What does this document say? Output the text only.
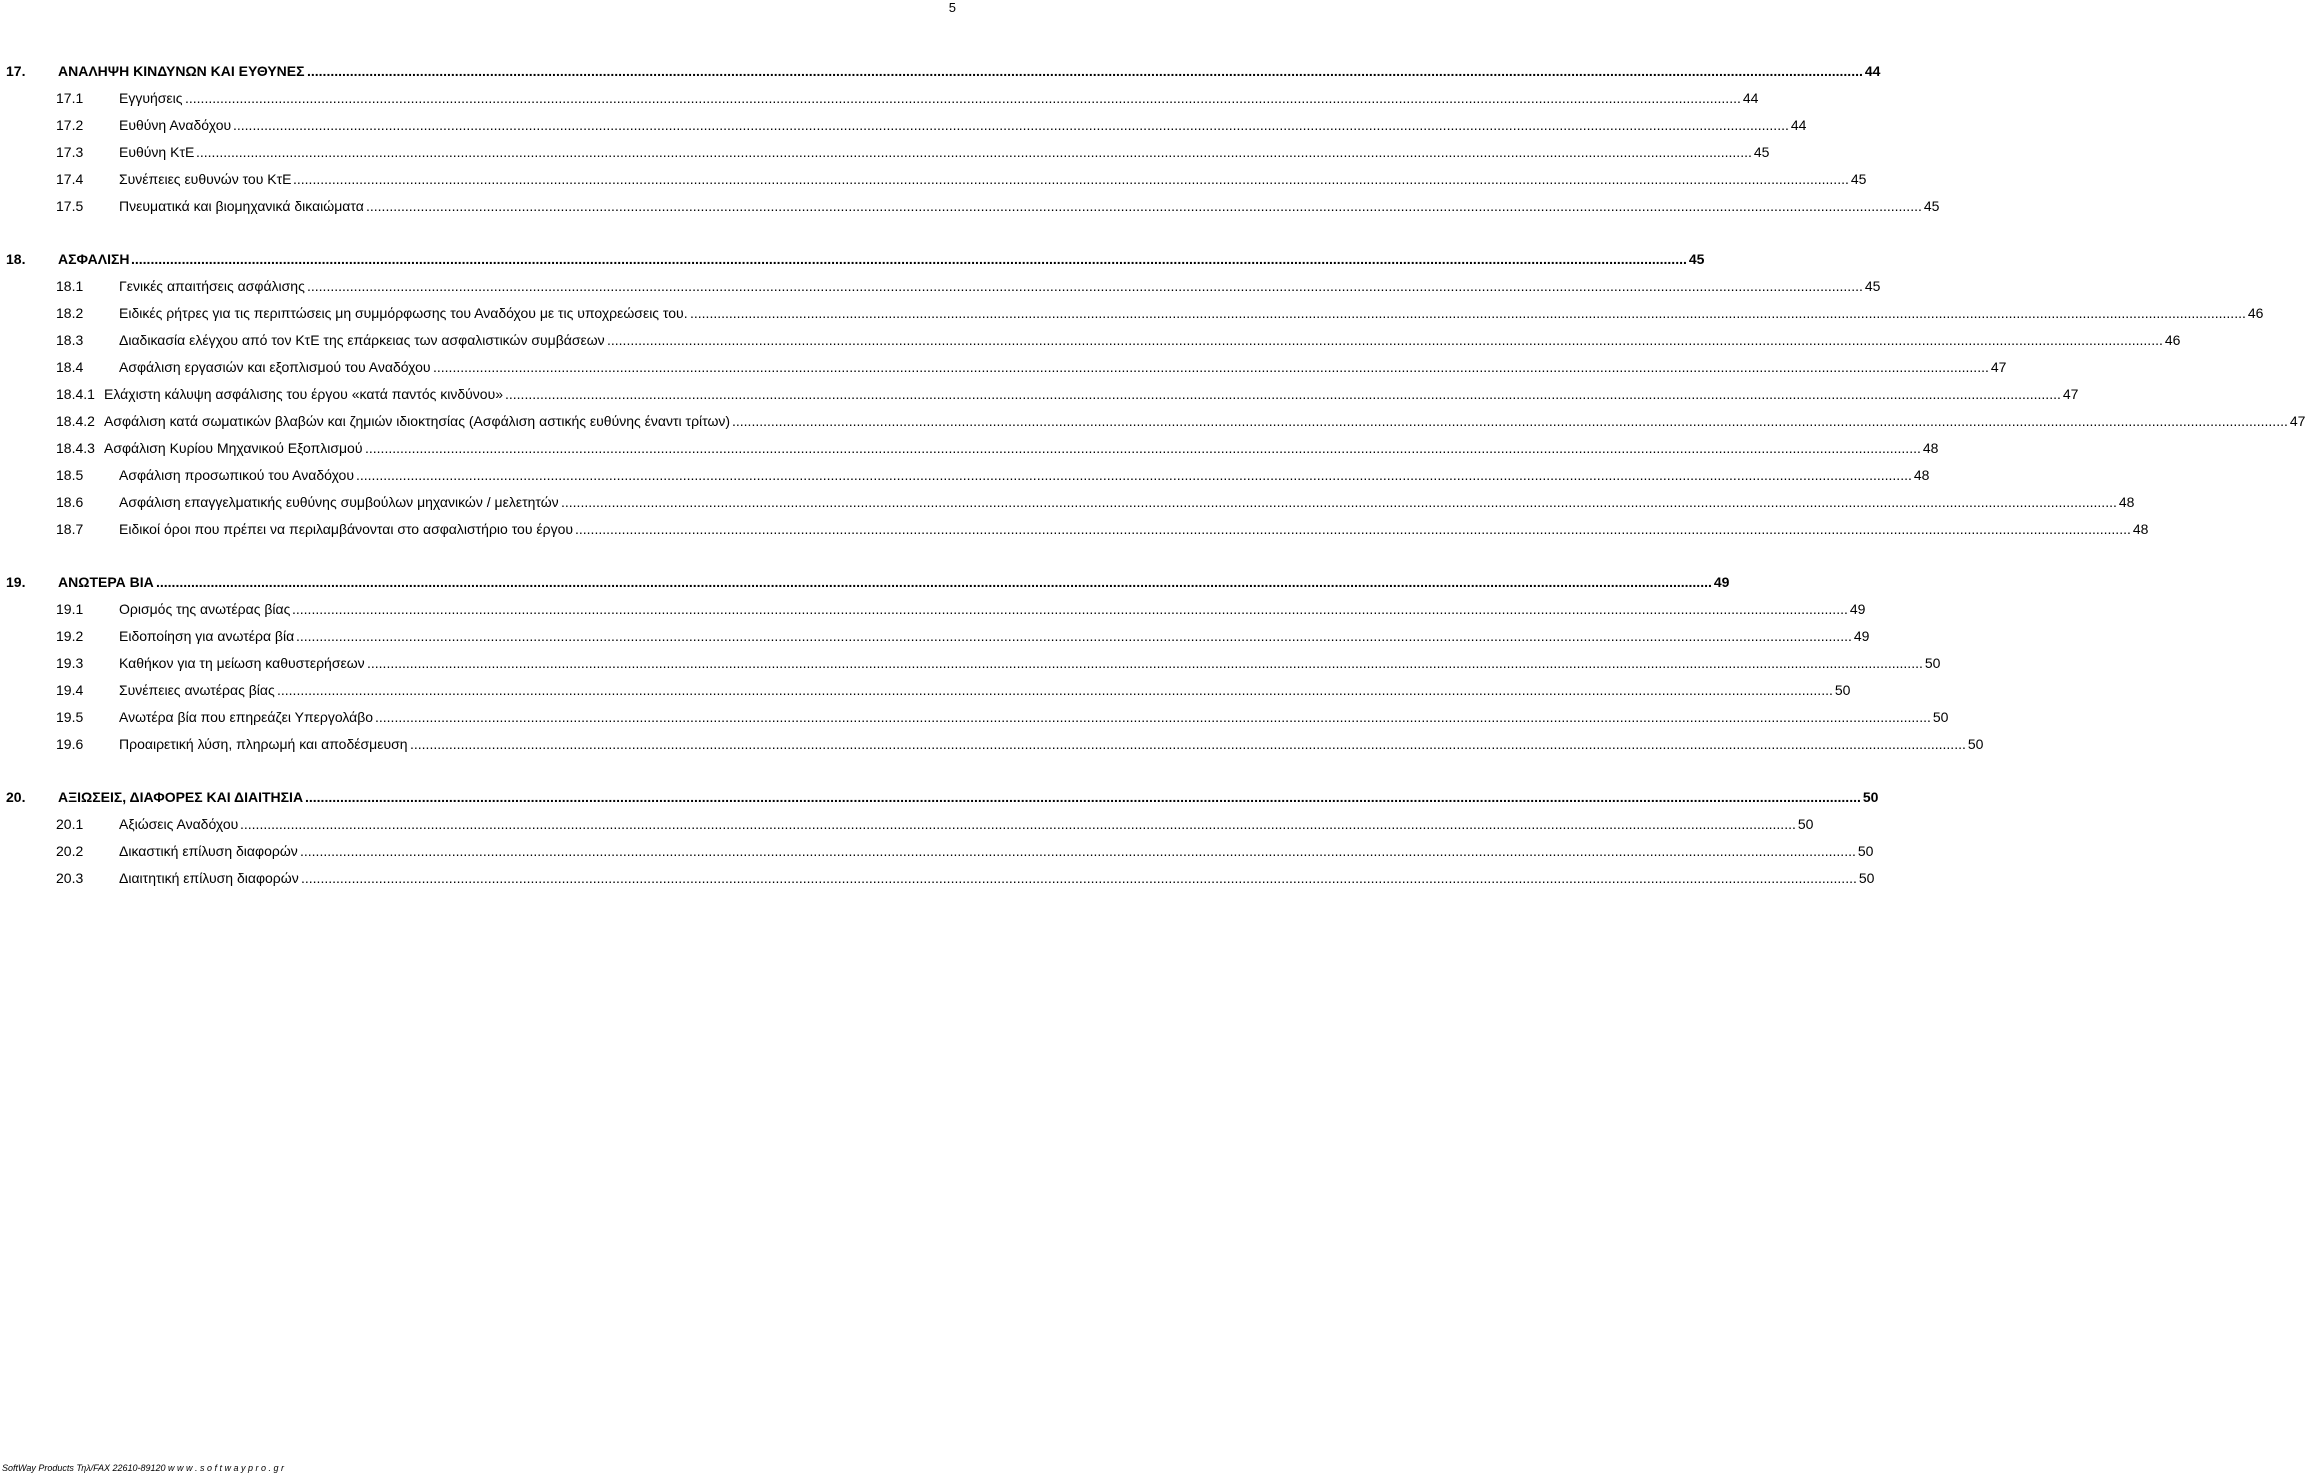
5
17. ΑΝΑΛΗΨΗ ΚΙΝΔΥΝΩΝ ΚΑΙ ΕΥΘΥΝΕΣ ................................................................................................................................................................................................................................................................................................................................................................................................................ 44
17.1	Εγγυήσεις ................................................................................................................................................................................................................................................................................................................................................................................................................ 44
17.2	Ευθύνη Αναδόχου ................................................................................................................................................................................................................................................................................................................................................................................................................ 44
17.3	Ευθύνη ΚτΕ ................................................................................................................................................................................................................................................................................................................................................................................................................ 45
17.4	Συνέπειες ευθυνών του ΚτΕ ................................................................................................................................................................................................................................................................................................................................................................................................................ 45
17.5	Πνευματικά και βιομηχανικά δικαιώματα ................................................................................................................................................................................................................................................................................................................................................................................................................ 45
18. ΑΣΦΑΛΙΣΗ ................................................................................................................................................................................................................................................................................................................................................................................................................ 45
18.1	Γενικές απαιτήσεις ασφάλισης ................................................................................................................................................................................................................................................................................................................................................................................................................ 45
18.2	Ειδικές ρήτρες για τις περιπτώσεις μη συμμόρφωσης του Αναδόχου με τις υποχρεώσεις του. ................................................................................................................................................................................................................................................................................................................................................................................................................ 46
18.3	Διαδικασία ελέγχου από τον ΚτΕ της επάρκειας των ασφαλιστικών συμβάσεων ................................................................................................................................................................................................................................................................................................................................................................................................................ 46
18.4	Ασφάλιση εργασιών και εξοπλισμού του Αναδόχου ................................................................................................................................................................................................................................................................................................................................................................................................................ 47
18.4.1 Ελάχιστη κάλυψη ασφάλισης του έργου «κατά παντός κινδύνου» ................................................................................................................................................................................................................................................................................................................................................................................................................ 47
18.4.2 Ασφάλιση κατά σωματικών βλαβών και ζημιών ιδιοκτησίας (Ασφάλιση αστικής ευθύνης έναντι τρίτων) ................................................................................................................................................................................................................................................................................................................................................................................................................ 47
18.4.3 Ασφάλιση Κυρίου Μηχανικού Εξοπλισμού ................................................................................................................................................................................................................................................................................................................................................................................................................ 48
18.5	Ασφάλιση προσωπικού του Αναδόχου ................................................................................................................................................................................................................................................................................................................................................................................................................ 48
18.6	Ασφάλιση επαγγελματικής ευθύνης συμβούλων μηχανικών / μελετητών ................................................................................................................................................................................................................................................................................................................................................................................................................ 48
18.7	Ειδικοί όροι που πρέπει να περιλαμβάνονται στο ασφαλιστήριο του έργου ................................................................................................................................................................................................................................................................................................................................................................................................................ 48
19. ΑΝΩΤΕΡΑ ΒΙΑ ................................................................................................................................................................................................................................................................................................................................................................................................................ 49
19.1	Ορισμός της ανωτέρας βίας ................................................................................................................................................................................................................................................................................................................................................................................................................ 49
19.2	Ειδοποίηση για ανωτέρα βία ................................................................................................................................................................................................................................................................................................................................................................................................................ 49
19.3	Καθήκον για τη μείωση καθυστερήσεων ................................................................................................................................................................................................................................................................................................................................................................................................................ 50
19.4	Συνέπειες ανωτέρας βίας ................................................................................................................................................................................................................................................................................................................................................................................................................ 50
19.5	Ανωτέρα βία που επηρεάζει Υπεργολάβο ................................................................................................................................................................................................................................................................................................................................................................................................................ 50
19.6	Προαιρετική λύση, πληρωμή και αποδέσμευση ................................................................................................................................................................................................................................................................................................................................................................................................................ 50
20. ΑΞΙΩΣΕΙΣ, ΔΙΑΦΟΡΕΣ ΚΑΙ ΔΙΑΙΤΗΣΙΑ ................................................................................................................................................................................................................................................................................................................................................................................................................ 50
20.1	Αξιώσεις Αναδόχου ................................................................................................................................................................................................................................................................................................................................................................................................................ 50
20.2	Δικαστική επίλυση διαφορών ................................................................................................................................................................................................................................................................................................................................................................................................................ 50
20.3	Διαιτητική επίλυση διαφορών ................................................................................................................................................................................................................................................................................................................................................................................................................ 50
SoftWay Products Τηλ/FAX 22610-89120 w w w . s o f t w a y p r o . g r
